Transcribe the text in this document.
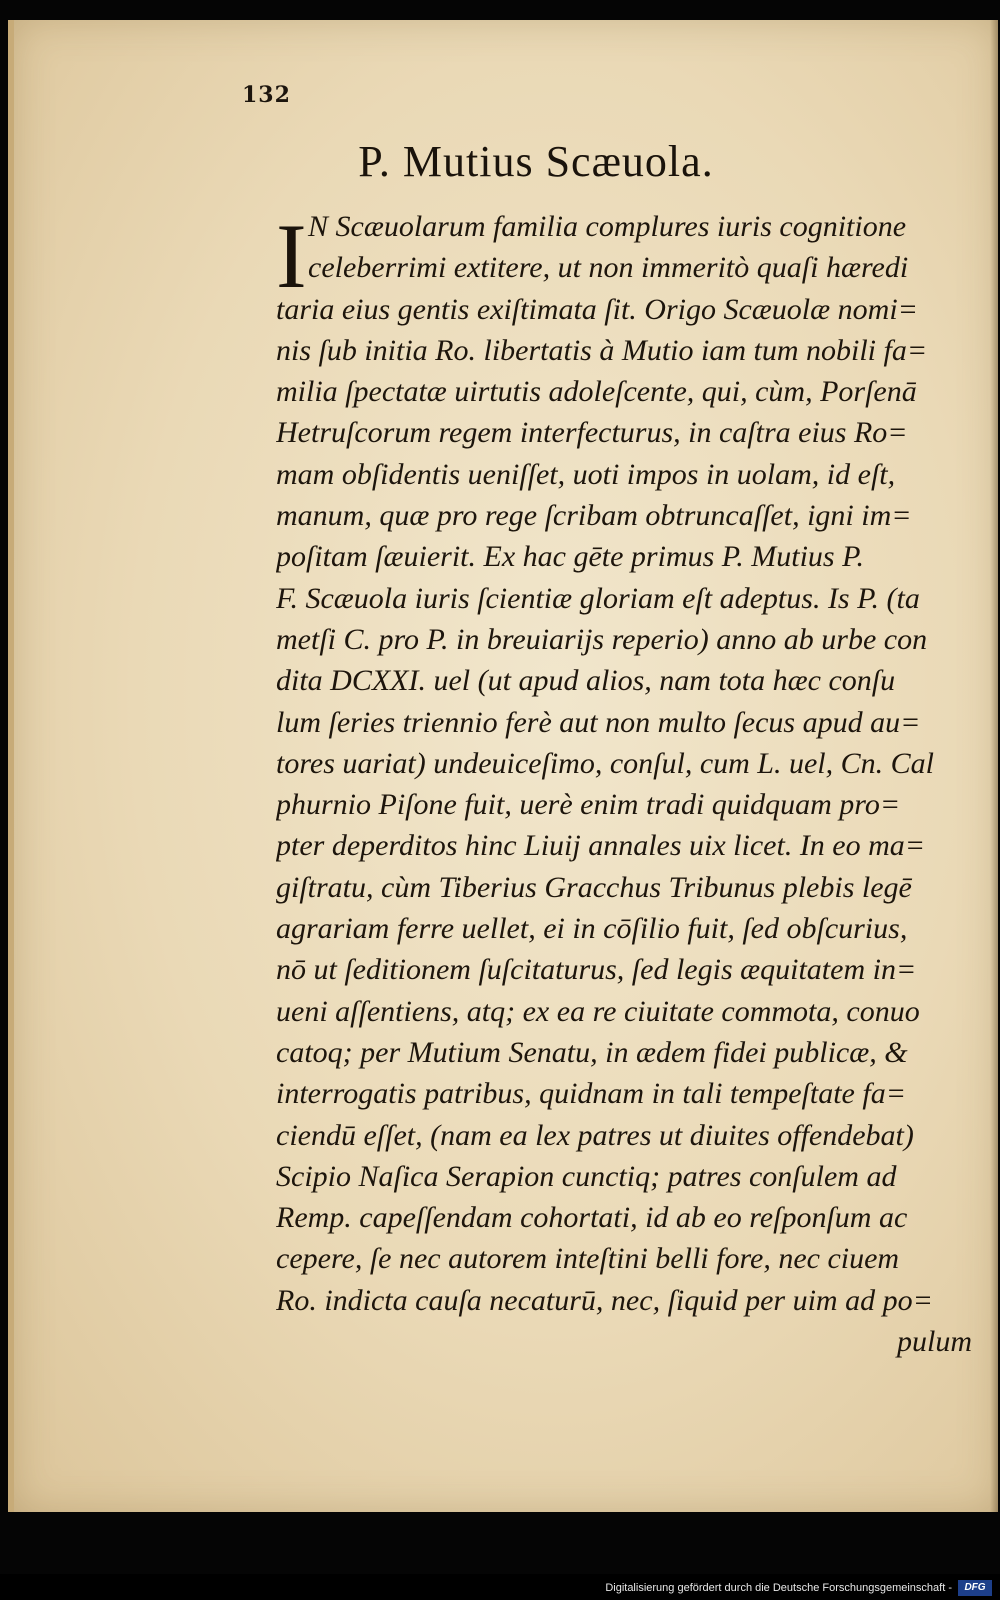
132
P. Mutius Scæuola.
I N Scæuolarum familia complures iuris cognitione
celeberrimi extitere, ut non immeritò quaſi hæredi
taria eius gentis exiſtimata ſit. Origo Scæuolæ nomi=
nis ſub initia Ro. libertatis à Mutio iam tum nobili fa=
milia ſpectatæ uirtutis adoleſcente, qui, cùm, Porſenā
Hetruſcorum regem interfecturus, in caſtra eius Ro=
mam obſidentis ueniſſet, uoti impos in uolam, id eſt,
manum, quæ pro rege ſcribam obtruncaſſet, igni im=
poſitam ſæuierit. Ex hac gēte primus P. Mutius P.
F. Scæuola iuris ſcientiæ gloriam eſt adeptus. Is P. (ta
metſi C. pro P. in breuiarijs reperio) anno ab urbe con
dita DCXXI. uel (ut apud alios, nam tota hæc conſu
lum ſeries triennio ferè aut non multo ſecus apud au=
tores uariat) undeuiceſimo, conſul, cum L. uel, Cn. Cal
phurnio Piſone fuit, uerè enim tradi quidquam pro=
pter deperditos hinc Liuij annales uix licet. In eo ma=
giſtratu, cùm Tiberius Gracchus Tribunus plebis legē
agrariam ferre uellet, ei in cōſilio fuit, ſed obſcurius,
nō ut ſeditionem ſuſcitaturus, ſed legis æquitatem in=
ueni aſſentiens, atq; ex ea re ciuitate commota, conuo
catoq; per Mutium Senatu, in ædem fidei publicæ, &
interrogatis patribus, quidnam in tali tempeſtate fa=
ciendū eſſet, (nam ea lex patres ut diuites offendebat)
Scipio Naſica Serapion cunctiq; patres conſulem ad
Remp. capeſſendam cohortati, id ab eo reſponſum ac
cepere, ſe nec autorem inteſtini belli fore, nec ciuem
Ro. indicta cauſa necaturū, nec, ſiquid per uim ad po=
pulum
Digitalisierung gefördert durch die Deutsche Forschungsgemeinschaft -	DFG
